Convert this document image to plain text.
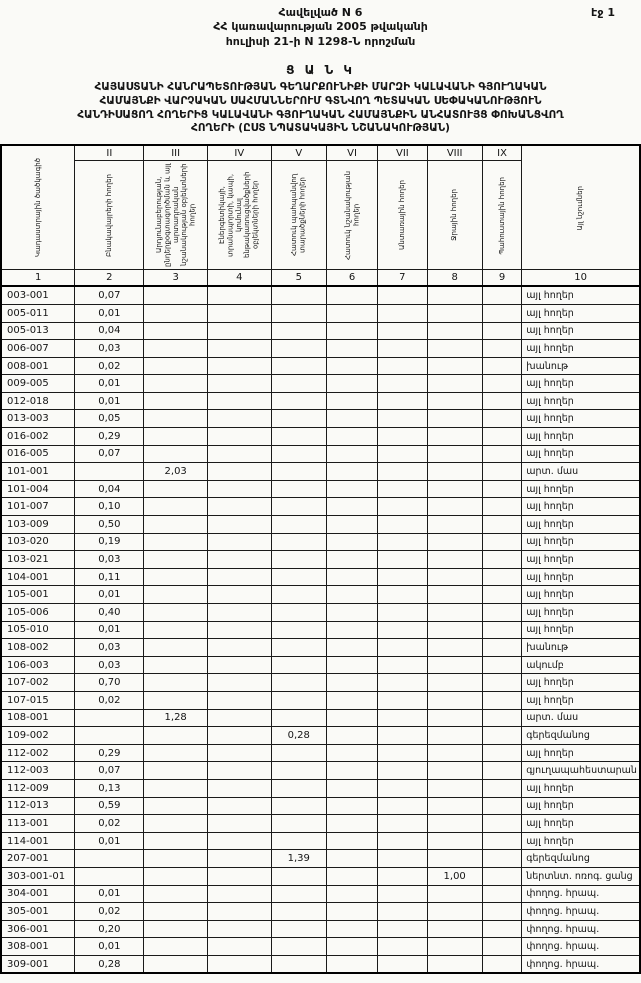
էջ 1
Հավելված N 6
ՀՀ կառավարության 2005 թվականի
հուլիսի 21-ի N 1298-Ն որոշման
Ց Ա Ն Կ
ՀԱՅԱՍՏԱՆԻ ՀԱՆՐԱՊԵՏՈՒԹՅԱՆ ԳԵՂԱՐՔՈՒՆԻՔԻ ՄԱՐԶԻ ԿԱԼԱՎԱՆԻ ԳՅՈՒՂԱԿԱՆ
ՀԱՄԱՅՆՔԻ ՎԱՐՉԱԿԱՆ ՍԱՀՄԱՆՆԵՐՈՒՄ ԳՏՆՎՈՂ ՊԵՏԱԿԱՆ ՍԵՓԱԿԱՆՈՒԹՅՈՒՆ
ՀԱՆԴԻՍԱՑՈՂ ՀՈՂԵՐԻՑ ԿԱԼԱՎԱՆԻ ԳՅՈՒՂԱԿԱՆ ՀԱՄԱՅՆՔԻՆ ԱՆՀԱՏՈՒՅՑ ՓՈԽԱՆՑՎՈՂ
ՀՈՂԵՐԻ (ԸՍՏ ՆՊԱՏԱԿԱՅԻՆ ՆՇԱՆԱԿՈՒԹՅԱՆ)
Կադաստրային ծածկագիծ	II	III	IV	V	VI	VII	VIII	IX	Այլ նշումներ

	Բնակավայրերի հողեր	Արդյունաբերության, ընդերքօգտագործման և այլ արտադրական նշանակության օբյեկտների հողեր	Էներգետիկայի, տրանսպորտի, կապի, կոմունալ ենթակառուցվածքների օբյեկտների հողեր	Հատուկ պահպանվող տարածքների հողեր	Հատուկ նշանակության հողեր	Անտառային հողեր	Ջրային հողեր	Պահուստային հողեր	

1	2	3	4	5	6	7	8	9	10
003-001	0,07								այլ հողեր
005-011	0,01								այլ հողեր
005-013	0,04								այլ հողեր
006-007	0,03								այլ հողեր
008-001	0,02								խանութ
009-005	0,01								այլ հողեր
012-018	0,01								այլ հողեր
013-003	0,05								այլ հողեր
016-002	0,29								այլ հողեր
016-005	0,07								այլ հողեր
101-001		2,03							արտ. մաս
101-004	0,04								այլ հողեր
101-007	0,10								այլ հողեր
103-009	0,50								այլ հողեր
103-020	0,19								այլ հողեր
103-021	0,03								այլ հողեր
104-001	0,11								այլ հողեր
105-001	0,01								այլ հողեր
105-006	0,40								այլ հողեր
105-010	0,01								այլ հողեր
108-002	0,03								խանութ
106-003	0,03								ակումբ
107-002	0,70								այլ հողեր
107-015	0,02								այլ հողեր
108-001		1,28							արտ. մաս
109-002				0,28					գերեզմանոց
112-002	0,29								այլ հողեր
112-003	0,07								գյուղապահեստարան
112-009	0,13								այլ հողեր
112-013	0,59								այլ հողեր
113-001	0,02								այլ հողեր
114-001	0,01								այլ հողեր
207-001				1,39					գերեզմանոց
303-001-01							1,00		ներտնտ. ոռոգ. ցանց
304-001	0,01								փողոց. հրապ.
305-001	0,02								փողոց. հրապ.
306-001	0,20								փողոց. հրապ.
308-001	0,01								փողոց. հրապ.
309-001	0,28								փողոց. հրապ.
